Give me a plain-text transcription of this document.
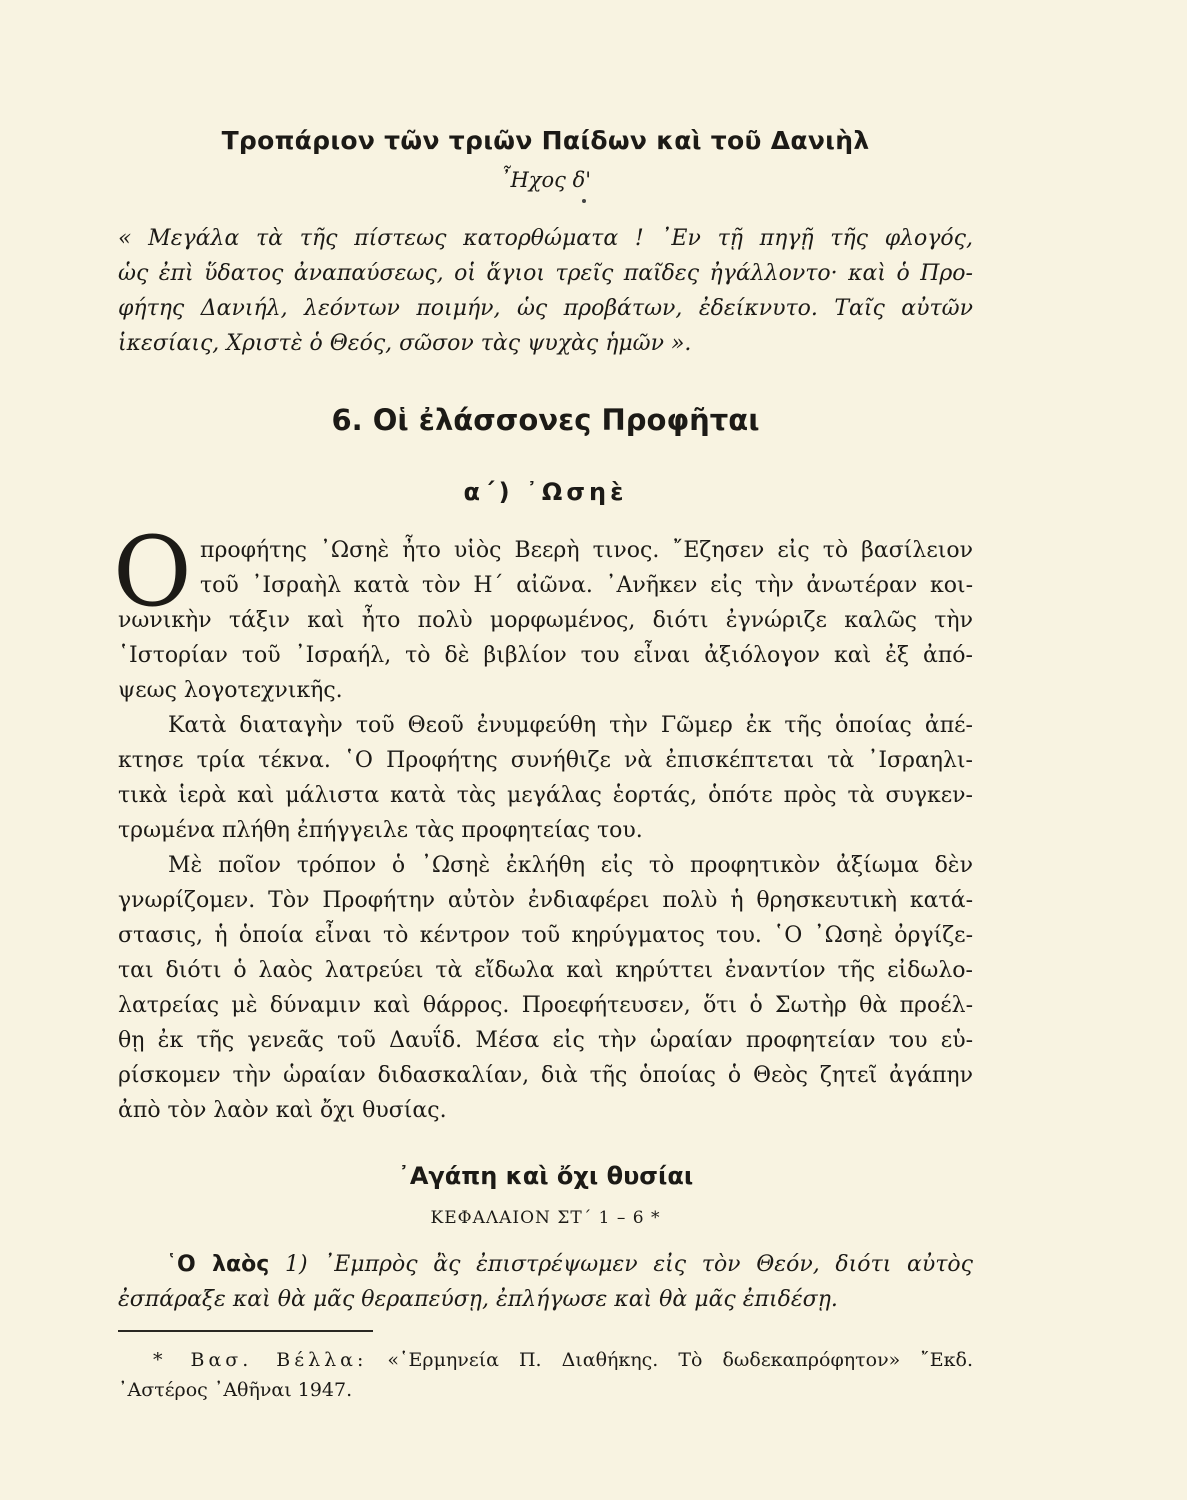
Τροπάριον τῶν τριῶν Παίδων καὶ τοῦ Δανιὴλ
῏Ηχος δ'
« Μεγάλα τὰ τῆς πίστεως κατορθώματα ! ᾽Εν τῇ πηγῇ τῆς φλογός,
ὡς ἐπὶ ὕδατος ἀναπαύσεως, οἱ ἅγιοι τρεῖς παῖδες ἠγάλλοντο· καὶ ὁ Προ-
φήτης Δανιήλ, λεόντων ποιμήν, ὡς προβάτων, ἐδείκνυτο. Ταῖς αὐτῶν
ἱκεσίαις, Χριστὲ ὁ Θεός, σῶσον τὰς ψυχὰς ἡμῶν ».
6. Οἱ ἐλάσσονες Προφῆται
α΄) ᾽Ωσηὲ
Ο προφήτης ᾽Ωσηὲ ἦτο υἱὸς Βεερὴ τινος. ῎Εζησεν εἰς τὸ βασίλειον
τοῦ ᾽Ισραὴλ κατὰ τὸν Η΄ αἰῶνα. ᾽Ανῆκεν εἰς τὴν ἀνωτέραν κοι-
νωνικὴν τάξιν καὶ ἦτο πολὺ μορφωμένος, διότι ἐγνώριζε καλῶς τὴν
῾Ιστορίαν τοῦ ᾽Ισραήλ, τὸ δὲ βιβλίον του εἶναι ἀξιόλογον καὶ ἐξ ἀπό-
ψεως λογοτεχνικῆς.
Κατὰ διαταγὴν τοῦ Θεοῦ ἐνυμφεύθη τὴν Γῶμερ ἐκ τῆς ὁποίας ἀπέ-
κτησε τρία τέκνα. ῾Ο Προφήτης συνήθιζε νὰ ἐπισκέπτεται τὰ ᾽Ισραηλι-
τικὰ ἱερὰ καὶ μάλιστα κατὰ τὰς μεγάλας ἑορτάς, ὁπότε πρὸς τὰ συγκεν-
τρωμένα πλήθη ἐπήγγειλε τὰς προφητείας του.
Μὲ ποῖον τρόπον ὁ ᾽Ωσηὲ ἐκλήθη εἰς τὸ προφητικὸν ἀξίωμα δὲν
γνωρίζομεν. Τὸν Προφήτην αὐτὸν ἐνδιαφέρει πολὺ ἡ θρησκευτικὴ κατά-
στασις, ἡ ὁποία εἶναι τὸ κέντρον τοῦ κηρύγματος του. ῾Ο ᾽Ωσηὲ ὀργίζε-
ται διότι ὁ λαὸς λατρεύει τὰ εἴδωλα καὶ κηρύττει ἐναντίον τῆς εἰδωλο-
λατρείας μὲ δύναμιν καὶ θάρρος. Προεφήτευσεν, ὅτι ὁ Σωτὴρ θὰ προέλ-
θῃ ἐκ τῆς γενεᾶς τοῦ Δαυΐδ. Μέσα εἰς τὴν ὡραίαν προφητείαν του εὑ-
ρίσκομεν τὴν ὡραίαν διδασκαλίαν, διὰ τῆς ὁποίας ὁ Θεὸς ζητεῖ ἀγάπην
ἀπὸ τὸν λαὸν καὶ ὄχι θυσίας.
᾽Αγάπη καὶ ὄχι θυσίαι
ΚΕΦΑΛΑΙΟΝ ΣΤ΄ 1 – 6 *
῾Ο λαὸς 1) ᾽Εμπρὸς ἂς ἐπιστρέψωμεν εἰς τὸν Θεόν, διότι αὐτὸς
ἐσπάραξε καὶ θὰ μᾶς θεραπεύσῃ, ἐπλήγωσε καὶ θὰ μᾶς ἐπιδέσῃ.
* Βασ. Βέλλα: «῾Ερμηνεία Π. Διαθήκης. Τὸ δωδεκαπρόφητον» ῎Εκδ.
᾽Αστέρος ᾽Αθῆναι 1947.
